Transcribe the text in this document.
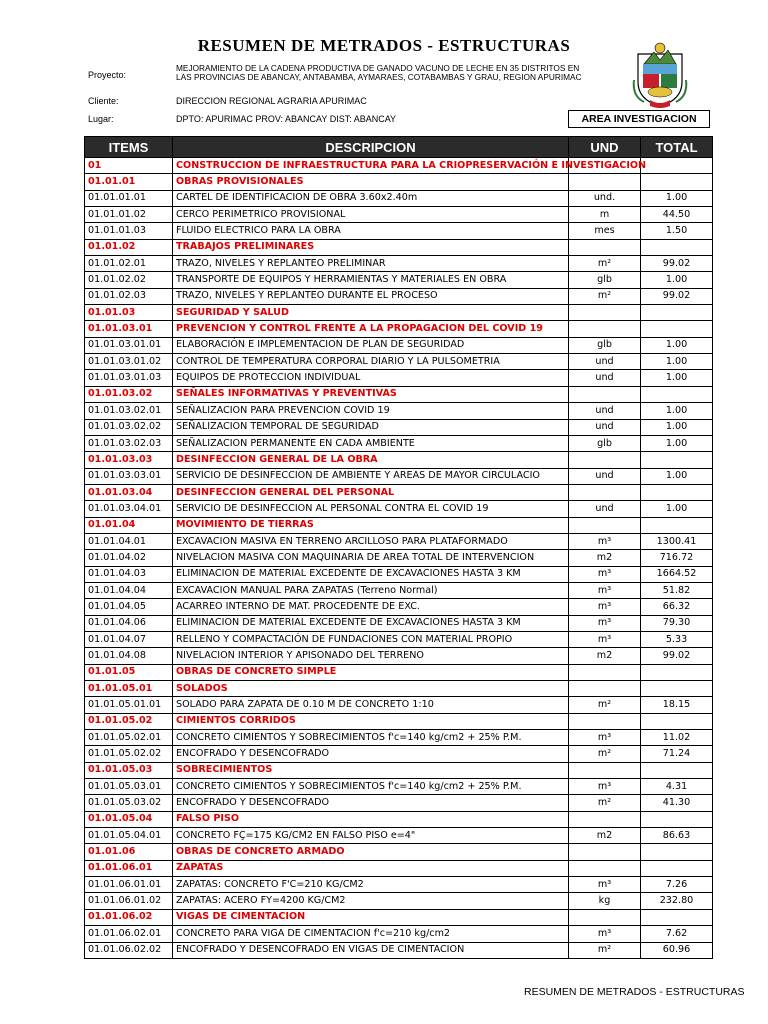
RESUMEN DE METRADOS - ESTRUCTURAS
Proyecto:
MEJORAMIENTO DE LA CADENA PRODUCTIVA DE GANADO VACUNO DE LECHE EN 35 DISTRITOS EN
LAS PROVINCIAS DE ABANCAY, ANTABAMBA, AYMARAES, COTABAMBAS Y GRAU, REGION APURIMAC
Cliente:	DIRECCION REGIONAL AGRARIA APURIMAC
Lugar:	DPTO: APURIMAC PROV: ABANCAY DIST: ABANCAY	AREA INVESTIGACION
ITEMS	DESCRIPCION	UND	TOTAL
01	CONSTRUCCION DE INFRAESTRUCTURA PARA LA CRIOPRESERVACIÓN E INVESTIGACION		
01.01.01	OBRAS PROVISIONALES		
01.01.01.01	CARTEL DE IDENTIFICACION DE OBRA 3.60x2.40m	und.	1.00
01.01.01.02	CERCO PERIMETRICO PROVISIONAL	m	44.50
01.01.01.03	FLUIDO ELECTRICO PARA LA OBRA	mes	1.50
01.01.02	TRABAJOS PRELIMINARES		
01.01.02.01	TRAZO, NIVELES Y REPLANTEO PRELIMINAR	m²	99.02
01.01.02.02	TRANSPORTE DE EQUIPOS Y HERRAMIENTAS Y MATERIALES EN OBRA	glb	1.00
01.01.02.03	TRAZO, NIVELES Y REPLANTEO DURANTE EL PROCESO	m²	99.02
01.01.03	SEGURIDAD Y SALUD		
01.01.03.01	PREVENCION Y CONTROL FRENTE A LA PROPAGACION DEL COVID 19		
01.01.03.01.01	ELABORACIÓN E IMPLEMENTACION DE PLAN DE SEGURIDAD	glb	1.00
01.01.03.01.02	CONTROL DE TEMPERATURA CORPORAL DIARIO Y LA PULSOMETRIA	und	1.00
01.01.03.01.03	EQUIPOS DE PROTECCION INDIVIDUAL	und	1.00
01.01.03.02	SEÑALES INFORMATIVAS Y PREVENTIVAS		
01.01.03.02.01	SEÑALIZACION PARA PREVENCION COVID 19	und	1.00
01.01.03.02.02	SEÑALIZACION TEMPORAL DE SEGURIDAD	und	1.00
01.01.03.02.03	SEÑALIZACION PERMANENTE EN CADA AMBIENTE	glb	1.00
01.01.03.03	DESINFECCION GENERAL DE LA OBRA		
01.01.03.03.01	SERVICIO DE DESINFECCION DE AMBIENTE Y AREAS DE MAYOR CIRCULACIO	und	1.00
01.01.03.04	DESINFECCION GENERAL DEL PERSONAL		
01.01.03.04.01	SERVICIO DE DESINFECCION AL PERSONAL CONTRA EL COVID 19	und	1.00
01.01.04	MOVIMIENTO DE TIERRAS		
01.01.04.01	EXCAVACION MASIVA EN TERRENO ARCILLOSO PARA PLATAFORMADO	m³	1300.41
01.01.04.02	NIVELACION MASIVA CON MAQUINARIA DE AREA TOTAL DE INTERVENCION	m2	716.72
01.01.04.03	ELIMINACION DE MATERIAL EXCEDENTE DE EXCAVACIONES HASTA 3 KM	m³	1664.52
01.01.04.04	EXCAVACION MANUAL PARA ZAPATAS (Terreno Normal)	m³	51.82
01.01.04.05	ACARREO INTERNO DE MAT. PROCEDENTE DE EXC.	m³	66.32
01.01.04.06	ELIMINACION DE MATERIAL EXCEDENTE DE EXCAVACIONES HASTA 3 KM	m³	79.30
01.01.04.07	RELLENO Y COMPACTACIÓN DE FUNDACIONES CON MATERIAL PROPIO	m³	5.33
01.01.04.08	NIVELACION INTERIOR Y APISONADO DEL TERRENO	m2	99.02
01.01.05	OBRAS DE CONCRETO SIMPLE		
01.01.05.01	SOLADOS		
01.01.05.01.01	SOLADO PARA ZAPATA DE 0.10 M DE CONCRETO 1:10	m²	18.15
01.01.05.02	CIMIENTOS CORRIDOS		
01.01.05.02.01	CONCRETO CIMIENTOS Y SOBRECIMIENTOS f'c=140 kg/cm2 + 25% P.M.	m³	11.02
01.01.05.02.02	ENCOFRADO Y DESENCOFRADO	m²	71.24
01.01.05.03	SOBRECIMIENTOS		
01.01.05.03.01	CONCRETO CIMIENTOS Y SOBRECIMIENTOS f'c=140 kg/cm2 + 25% P.M.	m³	4.31
01.01.05.03.02	ENCOFRADO Y DESENCOFRADO	m²	41.30
01.01.05.04	FALSO PISO		
01.01.05.04.01	CONCRETO FÇ=175 KG/CM2 EN FALSO PISO e=4"	m2	86.63
01.01.06	OBRAS DE CONCRETO ARMADO		
01.01.06.01	ZAPATAS		
01.01.06.01.01	ZAPATAS: CONCRETO F'C=210 KG/CM2	m³	7.26
01.01.06.01.02	ZAPATAS: ACERO FY=4200 KG/CM2	kg	232.80
01.01.06.02	VIGAS DE CIMENTACION		
01.01.06.02.01	CONCRETO PARA VIGA DE CIMENTACION f'c=210 kg/cm2	m³	7.62
01.01.06.02.02	ENCOFRADO Y DESENCOFRADO EN VIGAS DE CIMENTACION	m²	60.96
RESUMEN DE METRADOS - ESTRUCTURAS
